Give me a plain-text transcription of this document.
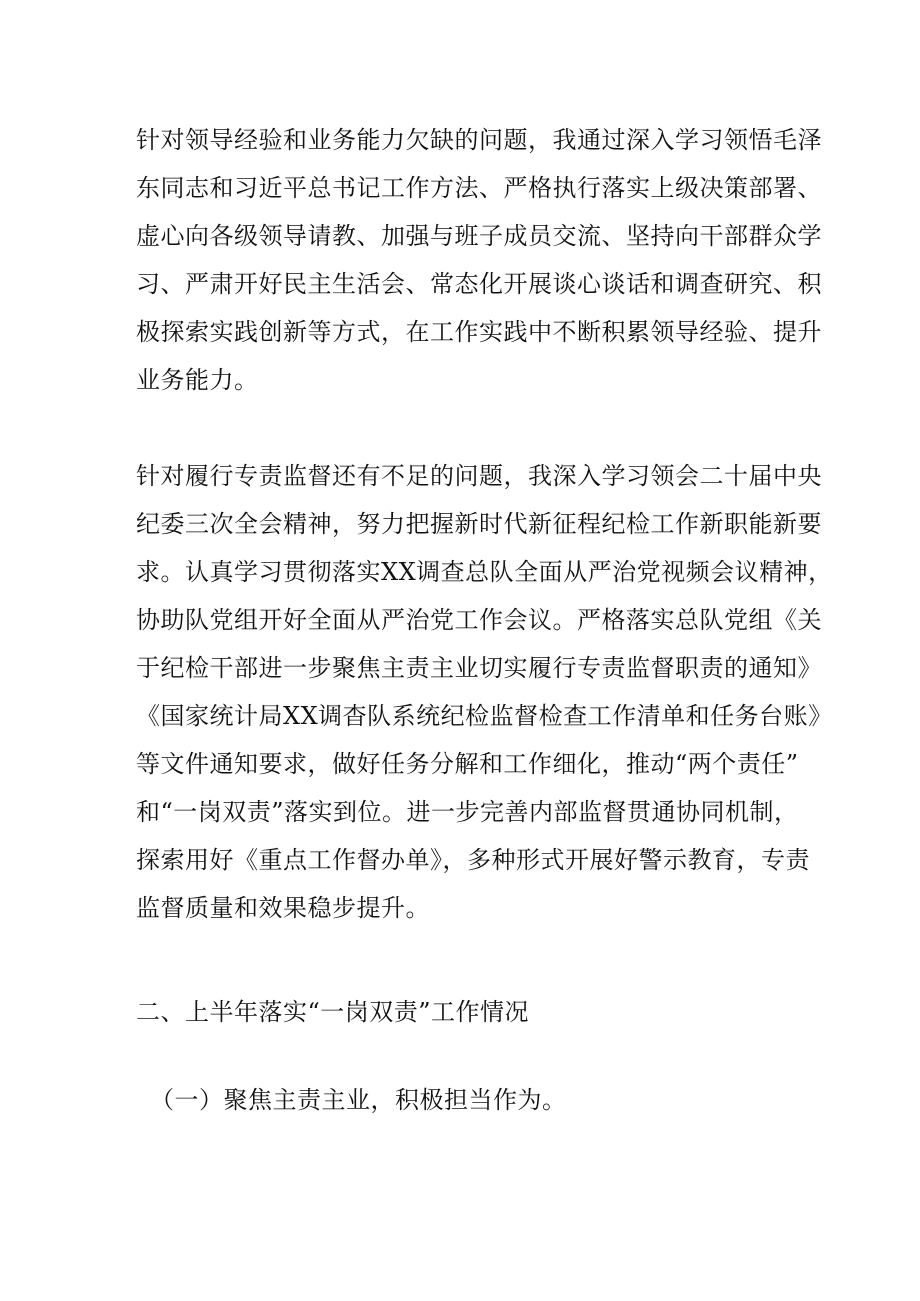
针对领导经验和业务能力欠缺的问题，我通过深入学习领悟毛泽
东同志和习近平总书记工作方法、严格执行落实上级决策部署、
虚心向各级领导请教、加强与班子成员交流、坚持向干部群众学
习、严肃开好民主生活会、常态化开展谈心谈话和调查研究、积
极探索实践创新等方式，在工作实践中不断积累领导经验、提升
业务能力。
针对履行专责监督还有不足的问题，我深入学习领会二十届中央
纪委三次全会精神，努力把握新时代新征程纪检工作新职能新要
求。认真学习贯彻落实XX调查总队全面从严治党视频会议精神，
协助队党组开好全面从严治党工作会议。严格落实总队党组《关
于纪检干部进一步聚焦主责主业切实履行专责监督职责的通知》
《国家统计局XX调杳队系统纪检监督检查工作清单和任务台账》
等文件通知要求，做好任务分解和工作细化，推动“两个责任”
和“一岗双责”落实到位。进一步完善内部监督贯通协同机制，
探索用好《重点工作督办单》，多种形式开展好警示教育，专责
监督质量和效果稳步提升。
二、上半年落实“一岗双责”工作情况
（一）聚焦主责主业，积极担当作为。
